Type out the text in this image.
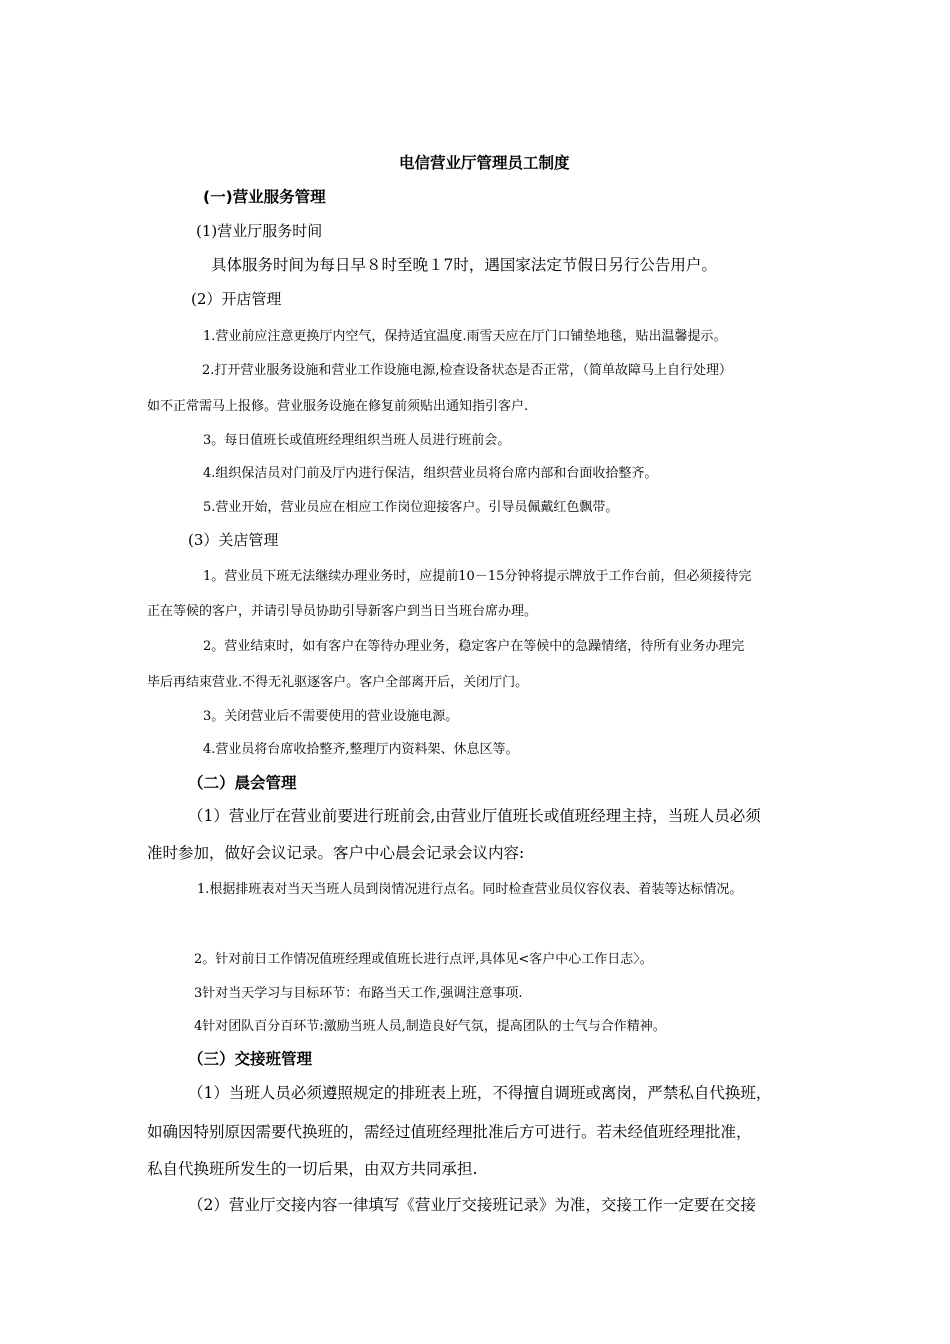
电信营业厅管理员工制度
(一)营业服务管理
(1)营业厅服务时间
具体服务时间为每日早８时至晚１7时，遇国家法定节假日另行公告用户。
(2）开店管理
1.营业前应注意更换厅内空气，保持适宜温度.雨雪天应在厅门口铺垫地毯，贴出温馨提示。
2.打开营业服务设施和营业工作设施电源,检查设备状态是否正常，（简单故障马上自行处理）
如不正常需马上报修。营业服务设施在修复前须贴出通知指引客户.
3。每日值班长或值班经理组织当班人员进行班前会。
4.组织保洁员对门前及厅内进行保洁，组织营业员将台席内部和台面收拾整齐。
5.营业开始，营业员应在相应工作岗位迎接客户。引导员佩戴红色飘带。
(3）关店管理
1。营业员下班无法继续办理业务时，应提前10－15分钟将提示牌放于工作台前，但必须接待完
正在等候的客户，并请引导员协助引导新客户到当日当班台席办理。
2。营业结束时，如有客户在等待办理业务，稳定客户在等候中的急躁情绪，待所有业务办理完
毕后再结束营业.不得无礼驱逐客户。客户全部离开后，关闭厅门。
3。关闭营业后不需要使用的营业设施电源。
4.营业员将台席收拾整齐,整理厅内资料架、休息区等。
（二）晨会管理
（1）营业厅在营业前要进行班前会,由营业厅值班长或值班经理主持，当班人员必须
准时参加，做好会议记录。客户中心晨会记录会议内容:
1.根据排班表对当天当班人员到岗情况进行点名。同时检查营业员仪容仪表、着装等达标情况。
2。针对前日工作情况值班经理或值班长进行点评,具体见<客户中心工作日志〉。
3针对当天学习与目标环节：布路当天工作,强调注意事项.
4针对团队百分百环节:激励当班人员,制造良好气氛，提高团队的士气与合作精神。
（三）交接班管理
（1）当班人员必须遵照规定的排班表上班，不得擅自调班或离岗，严禁私自代换班，
如确因特别原因需要代换班的，需经过值班经理批准后方可进行。若未经值班经理批准，
私自代换班所发生的一切后果，由双方共同承担.
（2）营业厅交接内容一律填写《营业厅交接班记录》为准，交接工作一定要在交接
